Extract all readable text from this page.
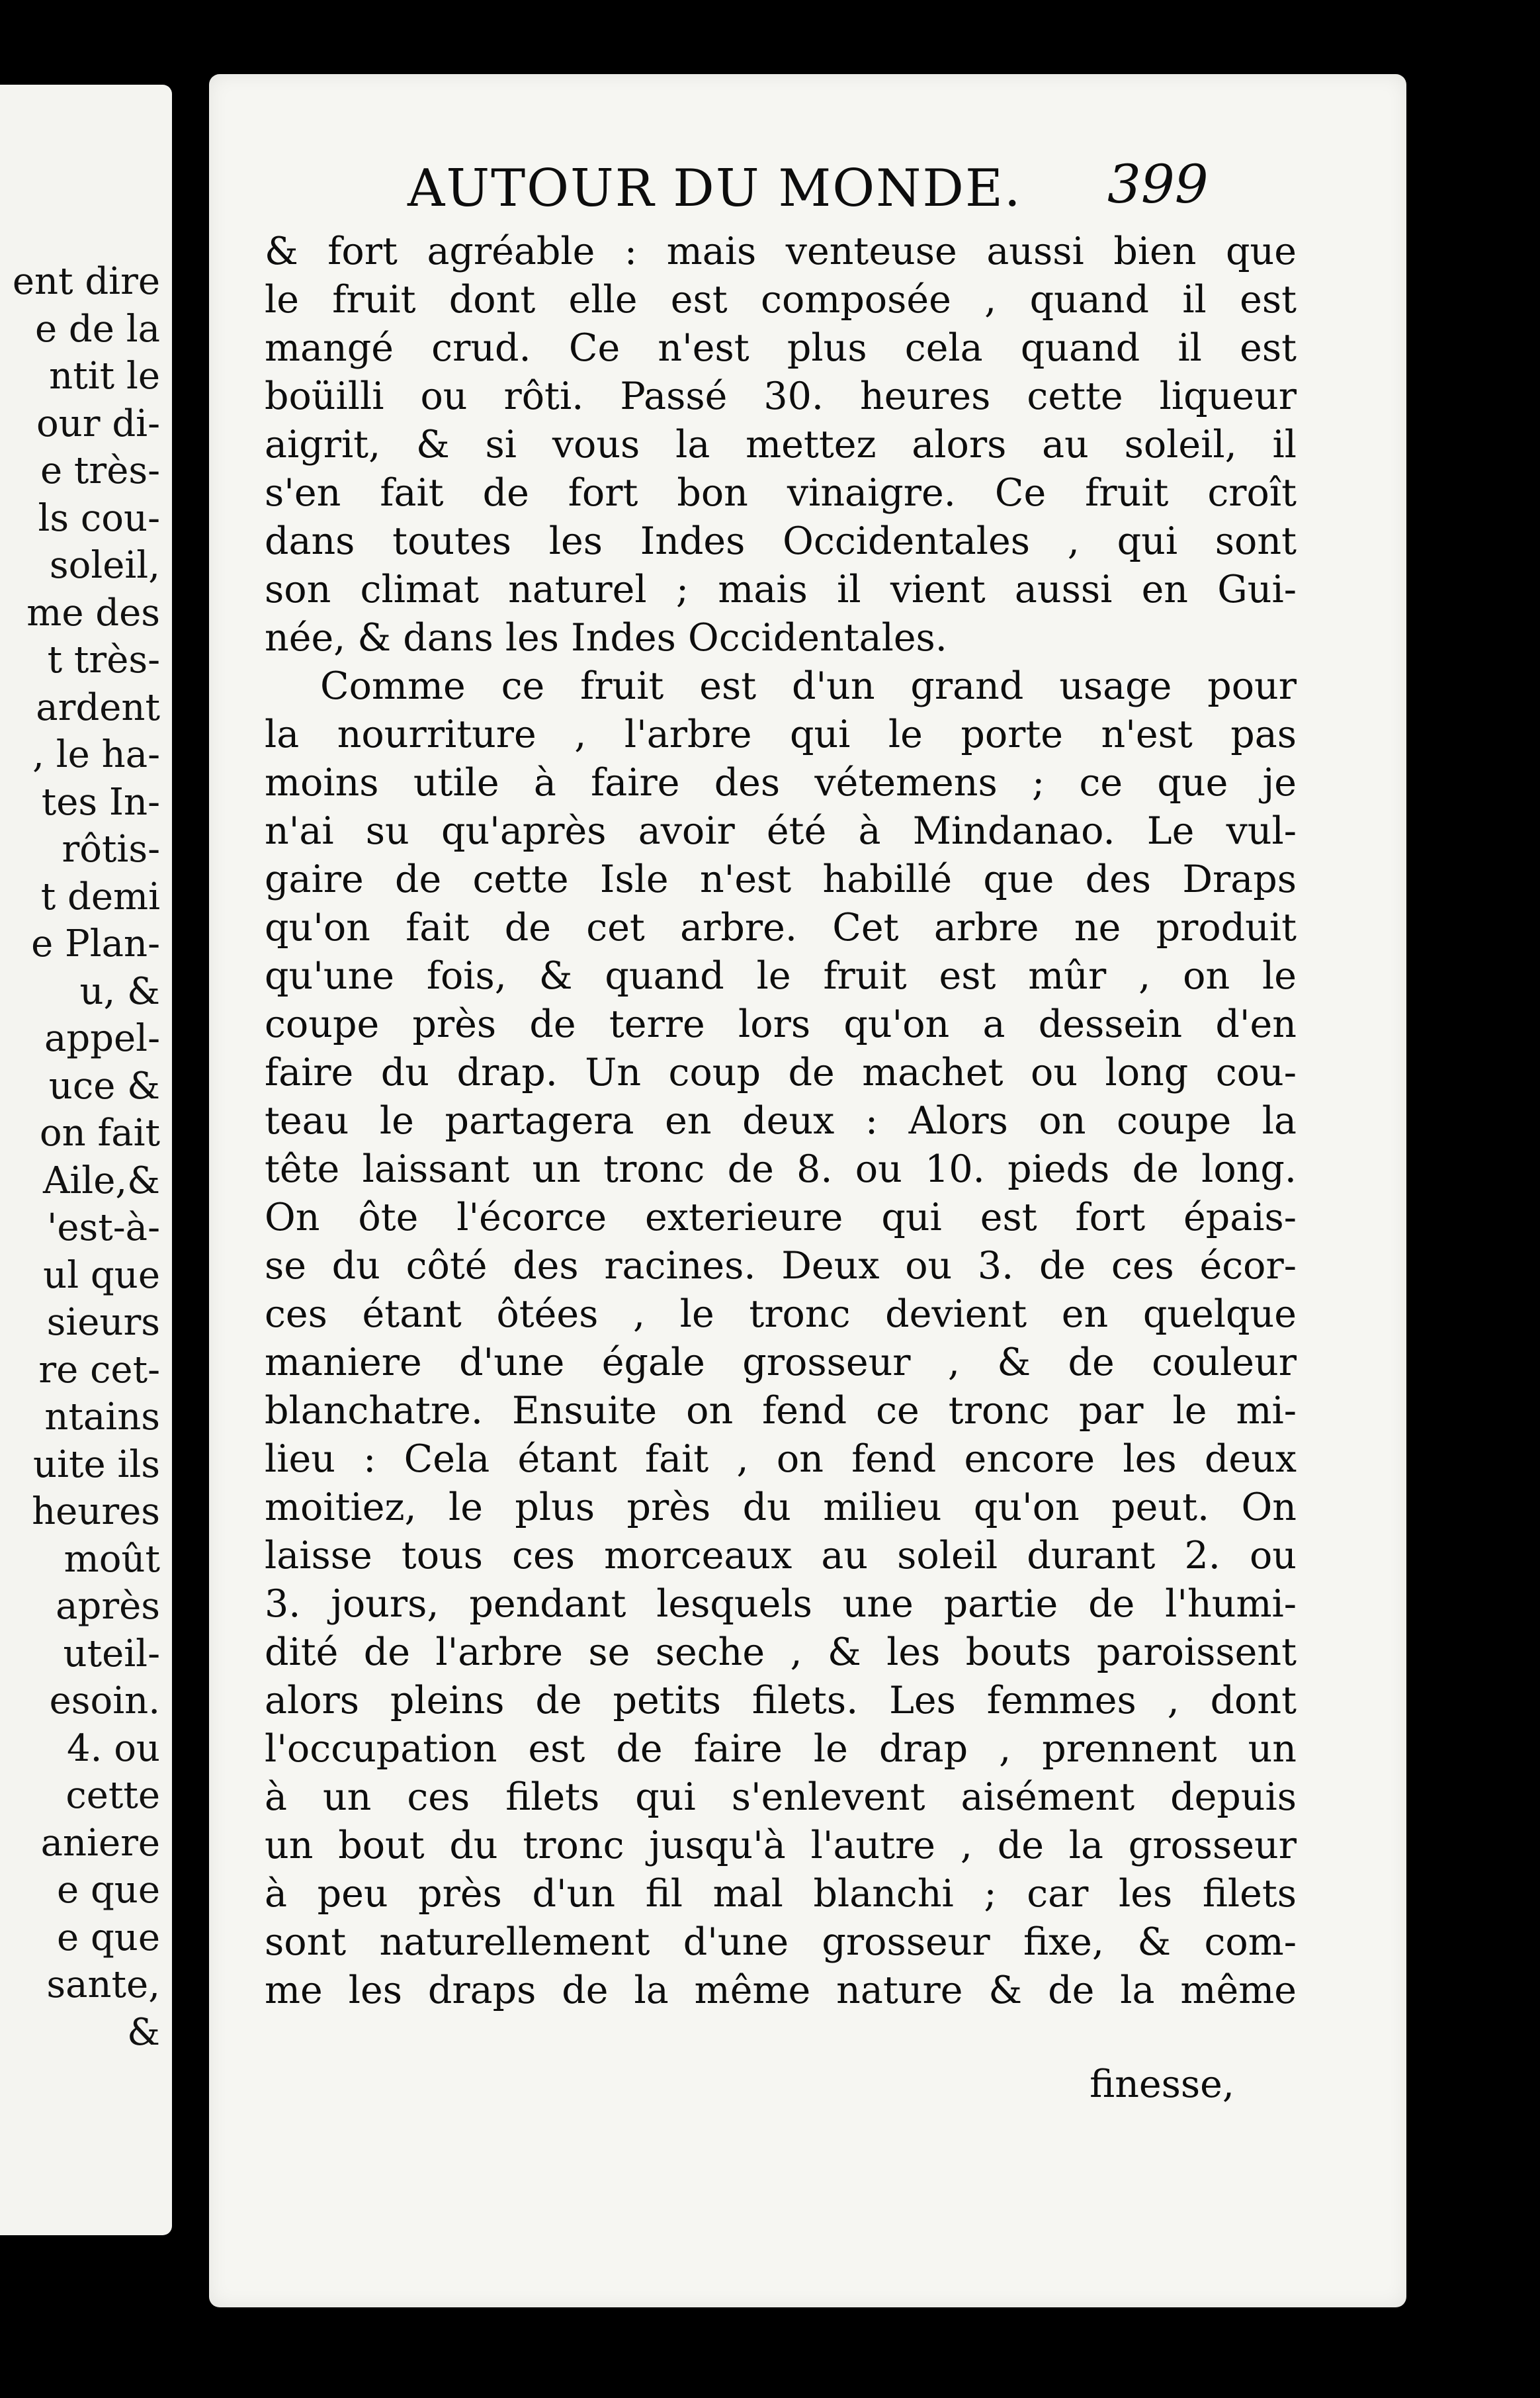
ent dire
e de la
ntit le
our di-
e très-
ls cou-
soleil,
me des
t très-
ardent
, le ha-
tes In-
rôtis-
t demi
e Plan-
u, &
appel-
uce &
on fait
Aile,&
'est-à-
ul que
sieurs
re cet-
ntains
uite ils
heures
moût
après
uteil-
esoin.
4. ou
cette
aniere
e que
e que
sante,
&
AUTOUR DU MONDE.	399
& fort agréable : mais venteuse aussi bien que
le fruit dont elle est composée , quand il est
mangé crud. Ce n'est plus cela quand il est
boüilli ou rôti. Passé 30. heures cette liqueur
aigrit, & si vous la mettez alors au soleil, il
s'en fait de fort bon vinaigre. Ce fruit croît
dans toutes les Indes Occidentales , qui sont
son climat naturel ; mais il vient aussi en Gui-
née, & dans les Indes Occidentales.
Comme ce fruit est d'un grand usage pour
la nourriture , l'arbre qui le porte n'est pas
moins utile à faire des vétemens ; ce que je
n'ai su qu'après avoir été à Mindanao. Le vul-
gaire de cette Isle n'est habillé que des Draps
qu'on fait de cet arbre. Cet arbre ne produit
qu'une fois, & quand le fruit est mûr , on le
coupe près de terre lors qu'on a dessein d'en
faire du drap. Un coup de machet ou long cou-
teau le partagera en deux : Alors on coupe la
tête laissant un tronc de 8. ou 10. pieds de long.
On ôte l'écorce exterieure qui est fort épais-
se du côté des racines. Deux ou 3. de ces écor-
ces étant ôtées , le tronc devient en quelque
maniere d'une égale grosseur , & de couleur
blanchatre. Ensuite on fend ce tronc par le mi-
lieu : Cela étant fait , on fend encore les deux
moitiez, le plus près du milieu qu'on peut. On
laisse tous ces morceaux au soleil durant 2. ou
3. jours, pendant lesquels une partie de l'humi-
dité de l'arbre se seche , & les bouts paroissent
alors pleins de petits filets. Les femmes , dont
l'occupation est de faire le drap , prennent un
à un ces filets qui s'enlevent aisément depuis
un bout du tronc jusqu'à l'autre , de la grosseur
à peu près d'un fil mal blanchi ; car les filets
sont naturellement d'une grosseur fixe, & com-
me les draps de la même nature & de la même
finesse,
